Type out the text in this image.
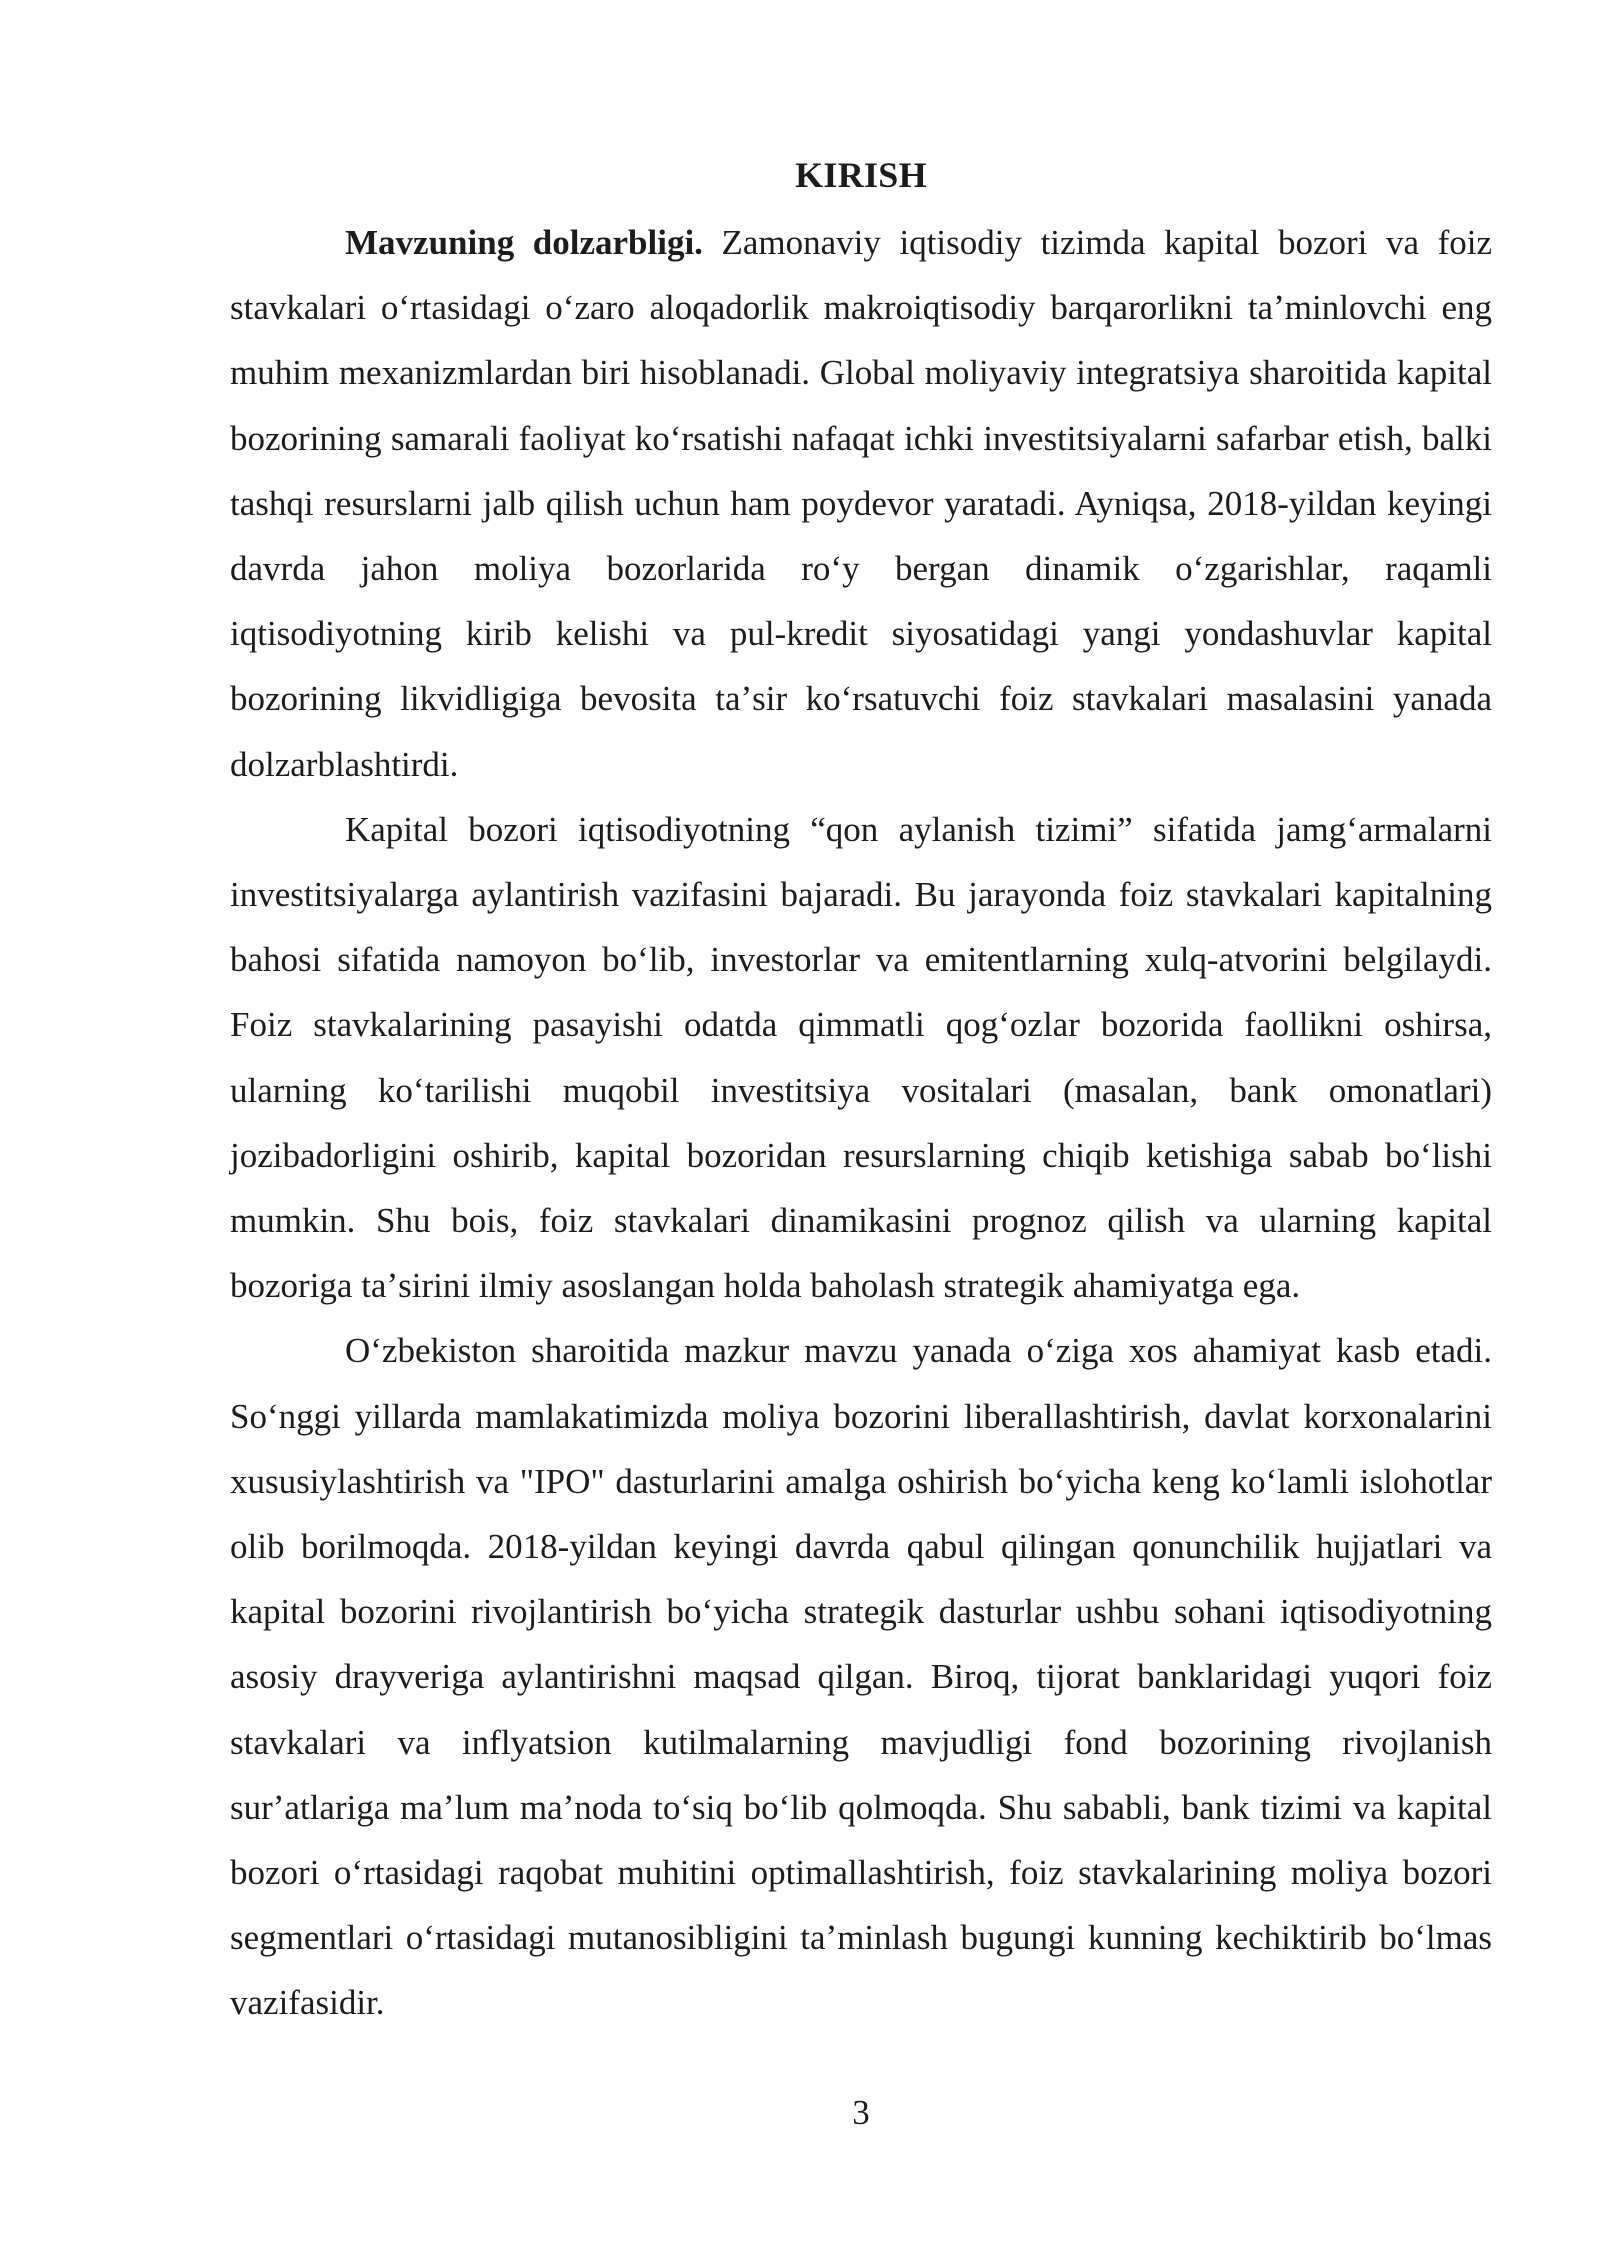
KIRISH

Mavzuning dolzarbligi. Zamonaviy iqtisodiy tizimda kapital bozori va foiz stavkalari oʻrtasidagi oʻzaro aloqadorlik makroiqtisodiy barqarorlikni taʼminlovchi eng muhim mexanizmlardan biri hisoblanadi. Global moliyaviy integratsiya sharoitida kapital bozorining samarali faoliyat koʻrsatishi nafaqat ichki investitsiyalarni safarbar etish, balki tashqi resurslarni jalb qilish uchun ham poydevor yaratadi. Ayniqsa, 2018-yildan keyingi davrda jahon moliya bozorlarida roʻy bergan dinamik oʻzgarishlar, raqamli iqtisodiyotning kirib kelishi va pul-kredit siyosatidagi yangi yondashuvlar kapital bozorining likvidligiga bevosita taʼsir koʻrsatuvchi foiz stavkalari masalasini yanada dolzarblashtirdi.

Kapital bozori iqtisodiyotning “qon aylanish tizimi” sifatida jamgʻarmalarni investitsiyalarga aylantirish vazifasini bajaradi. Bu jarayonda foiz stavkalari kapitalning bahosi sifatida namoyon boʻlib, investorlar va emitentlarning xulq-atvorini belgilaydi. Foiz stavkalarining pasayishi odatda qimmatli qogʻozlar bozorida faollikni oshirsa, ularning koʻtarilishi muqobil investitsiya vositalari (masalan, bank omonatlari) jozibadorligini oshirib, kapital bozoridan resurslarning chiqib ketishiga sabab boʻlishi mumkin. Shu bois, foiz stavkalari dinamikasini prognoz qilish va ularning kapital bozoriga taʼsirini ilmiy asoslangan holda baholash strategik ahamiyatga ega.

Oʻzbekiston sharoitida mazkur mavzu yanada oʻziga xos ahamiyat kasb etadi. Soʻnggi yillarda mamlakatimizda moliya bozorini liberallashtirish, davlat korxonalarini xususiylashtirish va "IPO" dasturlarini amalga oshirish boʻyicha keng koʻlamli islohotlar olib borilmoqda. 2018-yildan keyingi davrda qabul qilingan qonunchilik hujjatlari va kapital bozorini rivojlantirish boʻyicha strategik dasturlar ushbu sohani iqtisodiyotning asosiy drayveriga aylantirishni maqsad qilgan. Biroq, tijorat banklaridagi yuqori foiz stavkalari va inflyatsion kutilmalarning mavjudligi fond bozorining rivojlanish surʼatlariga maʼlum maʼnoda toʻsiq boʻlib qolmoqda. Shu sababli, bank tizimi va kapital bozori oʻrtasidagi raqobat muhitini optimallashtirish, foiz stavkalarining moliya bozori segmentlari oʻrtasidagi mutanosibligini taʼminlash bugungi kunning kechiktirib boʻlmas vazifasidir.

3
